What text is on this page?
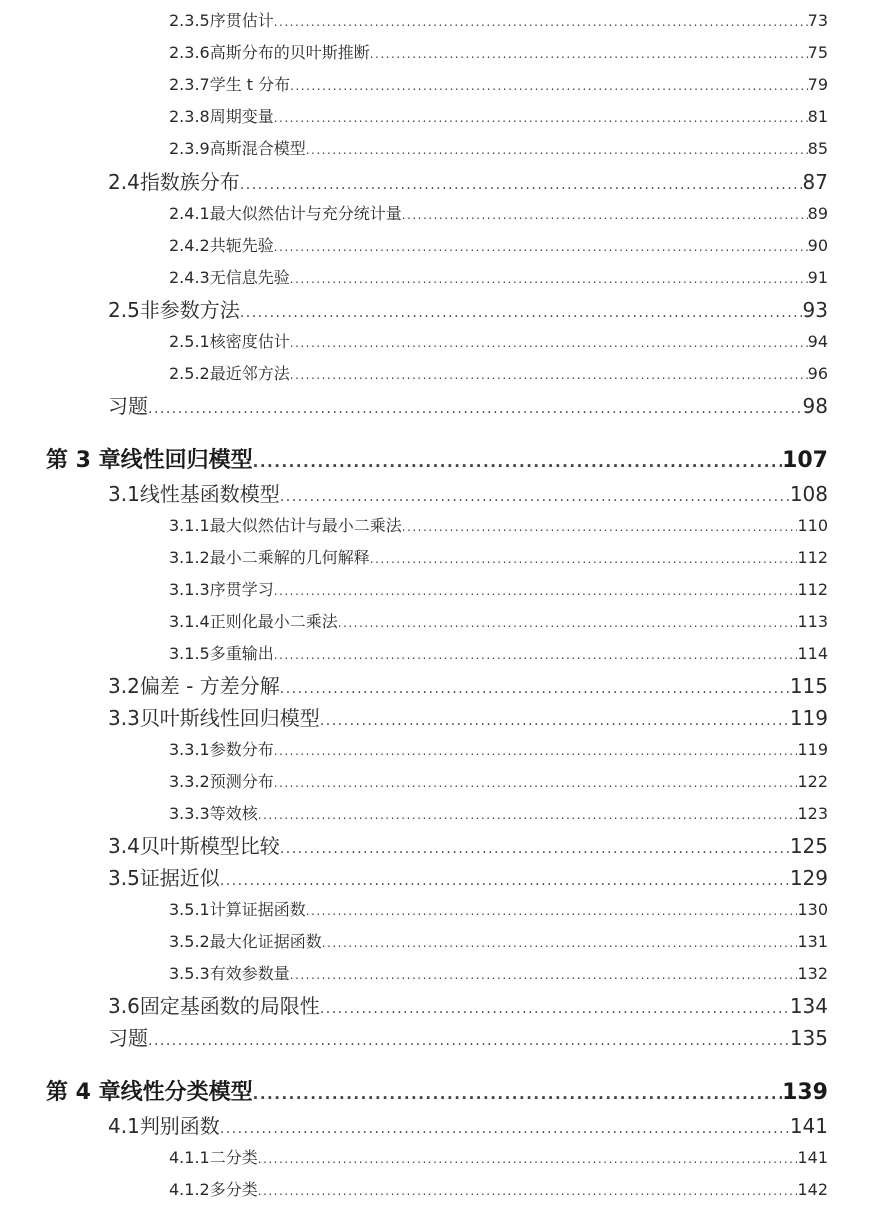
2.3.5 序贯估计 .....	73
2.3.6 高斯分布的贝叶斯推断 .....	75
2.3.7 学生 t 分布 .....	79
2.3.8 周期变量 .....	81
2.3.9 高斯混合模型 .....	85
2.4 指数族分布 .....	87
2.4.1 最大似然估计与充分统计量 .....	89
2.4.2 共轭先验 .....	90
2.4.3 无信息先验 .....	91
2.5 非参数方法 .....	93
2.5.1 核密度估计 .....	94
2.5.2 最近邻方法 .....	96
习题 .....	98
第 3 章 线性回归模型 .....	107
3.1 线性基函数模型 .....	108
3.1.1 最大似然估计与最小二乘法 .....	110
3.1.2 最小二乘解的几何解释 .....	112
3.1.3 序贯学习 .....	112
3.1.4 正则化最小二乘法 .....	113
3.1.5 多重输出 .....	114
3.2 偏差 - 方差分解 .....	115
3.3 贝叶斯线性回归模型 .....	119
3.3.1 参数分布 .....	119
3.3.2 预测分布 .....	122
3.3.3 等效核 .....	123
3.4 贝叶斯模型比较 .....	125
3.5 证据近似 .....	129
3.5.1 计算证据函数 .....	130
3.5.2 最大化证据函数 .....	131
3.5.3 有效参数量 .....	132
3.6 固定基函数的局限性 .....	134
习题 .....	135
第 4 章 线性分类模型 .....	139
4.1 判别函数 .....	141
4.1.1 二分类 .....	141
4.1.2 多分类 .....	142
